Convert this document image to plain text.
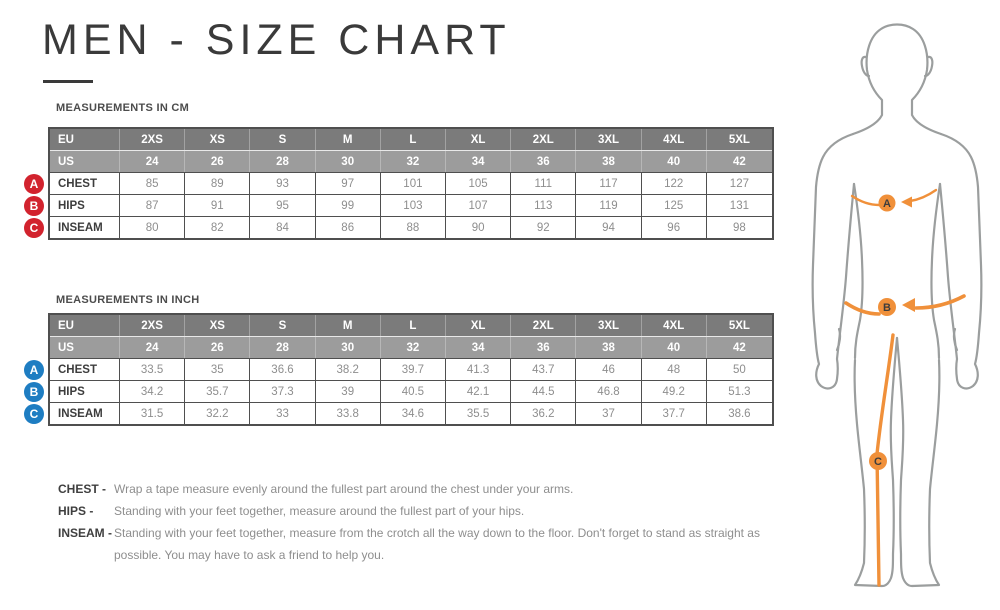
MEN - SIZE CHART
MEASUREMENTS IN CM
EU	2XS	XS	S	M	L	XL	2XL	3XL	4XL	5XL
US	24	26	28	30	32	34	36	38	40	42
A	CHEST	85	89	93	97	101	105	111	117	122	127
B	HIPS	87	91	95	99	103	107	113	119	125	131
C	INSEAM	80	82	84	86	88	90	92	94	96	98
MEASUREMENTS IN INCH
EU	2XS	XS	S	M	L	XL	2XL	3XL	4XL	5XL
US	24	26	28	30	32	34	36	38	40	42
A	CHEST	33.5	35	36.6	38.2	39.7	41.3	43.7	46	48	50
B	HIPS	34.2	35.7	37.3	39	40.5	42.1	44.5	46.8	49.2	51.3
C	INSEAM	31.5	32.2	33	33.8	34.6	35.5	36.2	37	37.7	38.6
CHEST - Wrap a tape measure evenly around the fullest part around the chest under your arms.
HIPS -	Standing with your feet together, measure around the fullest part of your hips.
INSEAM - Standing with your feet together, measure from the crotch all the way down to the floor. Don't forget to stand as straight as possible. You may have to ask a friend to help you.
A
B
C
